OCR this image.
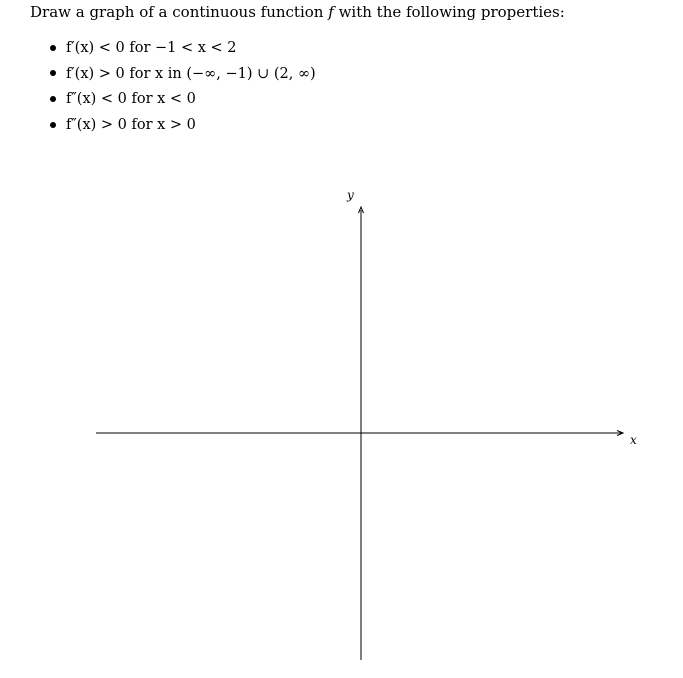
Draw a graph of a continuous function f with the following properties:
f′(x) < 0 for −1 < x < 2
f′(x) > 0 for x in (−∞, −1) ∪ (2, ∞)
f″(x) < 0 for x < 0
f″(x) > 0 for x > 0
x
y
